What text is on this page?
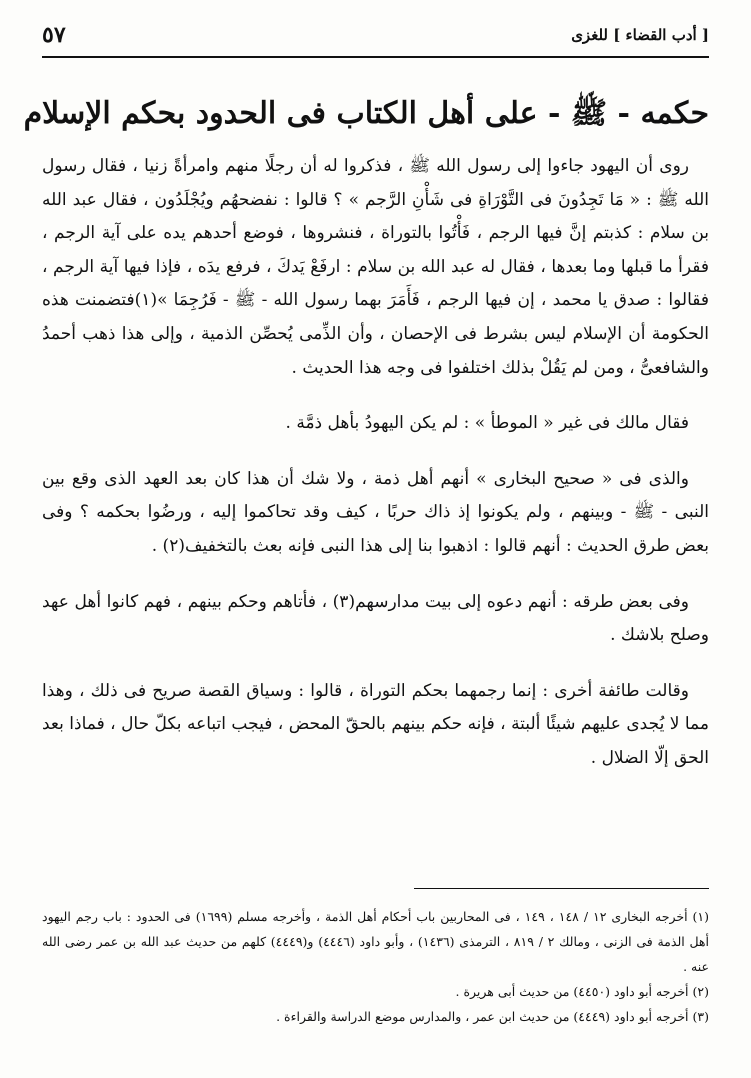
[ أدب القضاء ] للغزى
٥٧
حكمه - ﷺ - على أهل الكتاب فى الحدود بحكم الإسلام

روى أن اليهود جاءوا إلى رسول الله ﷺ ، فذكروا له أن رجلًا منهم وامرأةً زنيا ، فقال رسول الله ﷺ : « مَا تَجِدُونَ فى التَّوْرَاةِ فى شَأْنِ الرَّجم » ؟ قالوا : نفضحهُم ويُجْلَدُون ، فقال عبد الله بن سلام : كذبتم إنَّ فيها الرجم ، فَأْتُوا بالتوراة ، فنشروها ، فوضع أحدهم يده على آية الرجم ، فقرأ ما قبلها وما بعدها ، فقال له عبد الله بن سلام : ارفَعْ يَدكَ ، فرفع يدَه ، فإذا فيها آية الرجم ، فقالوا : صدق يا محمد ، إن فيها الرجم ، فَأَمَرَ بهما رسول الله - ﷺ - فَرُجِمَا »(١)فتضمنت هذه الحكومة أن الإسلام ليس بشرط فى الإحصان ، وأن الذِّمى يُحصِّن الذمية ، وإلى هذا ذهب أحمدُ والشافعىُّ ، ومن لم يَقُلْ بذلك اختلفوا فى وجه هذا الحديث .

فقال مالك فى غير « الموطأ » : لم يكن اليهودُ بأهل ذمَّة .

والذى فى « صحيح البخارى » أنهم أهل ذمة ، ولا شك أن هذا كان بعد العهد الذى وقع بين النبى - ﷺ - وبينهم ، ولم يكونوا إذ ذاك حربًا ، كيف وقد تحاكموا إليه ، ورضُوا بحكمه ؟ وفى بعض طرق الحديث : أنهم قالوا : اذهبوا بنا إلى هذا النبى فإنه بعث بالتخفيف(٢) .

وفى بعض طرقه : أنهم دعوه إلى بيت مدارسهم(٣) ، فأتاهم وحكم بينهم ، فهم كانوا أهل عهد وصلح بلاشك .

وقالت طائفة أخرى : إنما رجمهما بحكم التوراة ، قالوا : وسياق القصة صريح فى ذلك ، وهذا مما لا يُجدى عليهم شيئًا ألبتة ، فإنه حكم بينهم بالحقّ المحض ، فيجب اتباعه بكلّ حال ، فماذا بعد الحق إلّا الضلال .

(١) أخرجه البخارى ١٢ / ١٤٨ ، ١٤٩ ، فى المحاربين باب أحكام أهل الذمة ، وأخرجه مسلم (١٦٩٩) فى الحدود : باب رجم اليهود أهل الذمة فى الزنى ، ومالك ٢ / ٨١٩ ، الترمذى (١٤٣٦) ، وأبو داود (٤٤٤٦) و(٤٤٤٩) كلهم من حديث عبد الله بن عمر رضى الله عنه .

(٢) أخرجه أبو داود (٤٤٥٠) من حديث أبى هريرة .

(٣) أخرجه أبو داود (٤٤٤٩) من حديث ابن عمر ، والمدارس موضع الدراسة والقراءة .
